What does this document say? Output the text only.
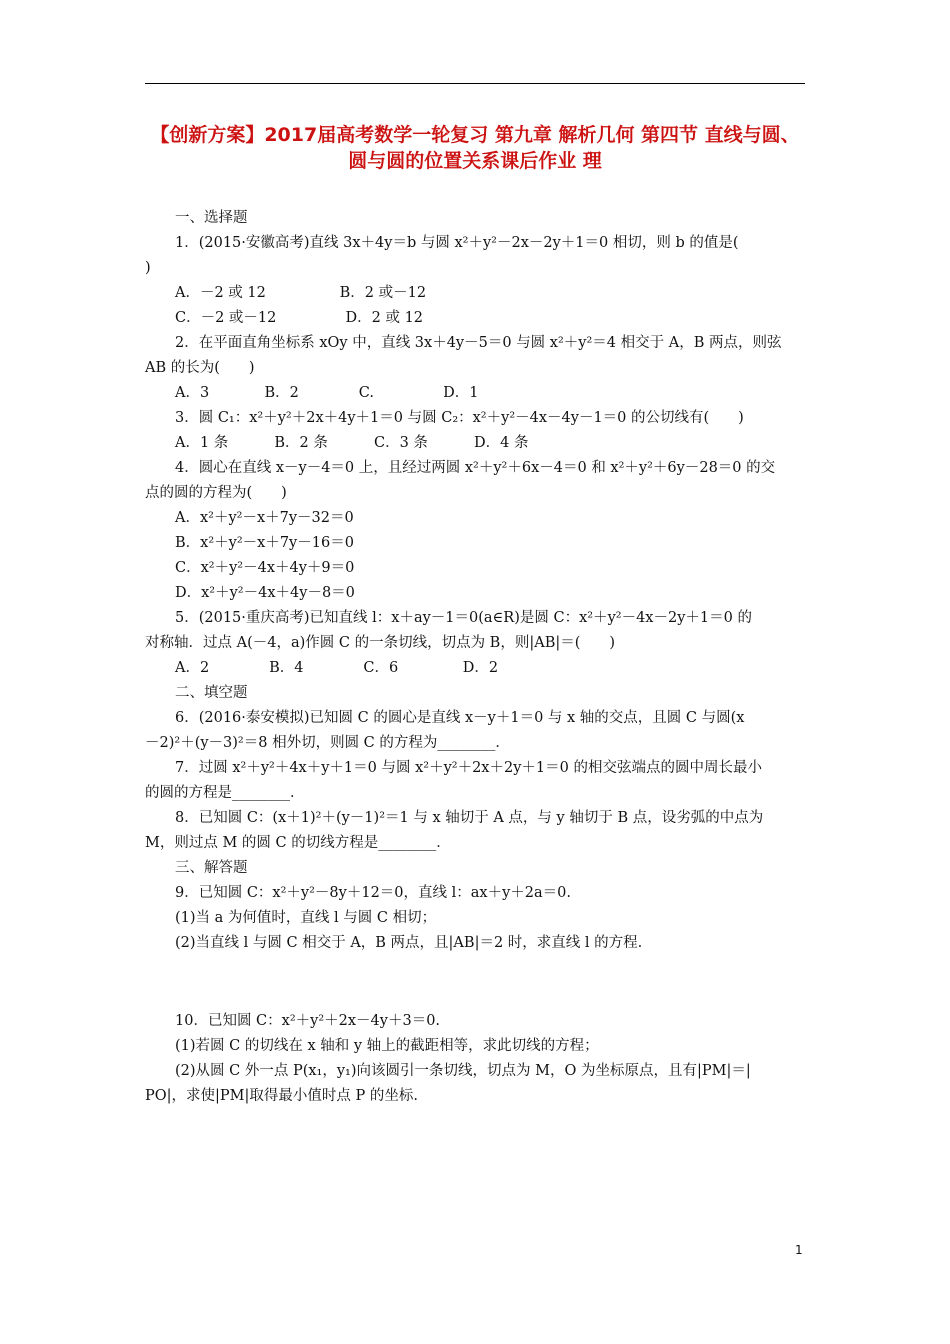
【创新方案】2017届高考数学一轮复习 第九章 解析几何 第四节 直线与圆、圆与圆的位置关系课后作业 理
一、选择题
1．(2015·安徽高考)直线 3x＋4y＝b 与圆 x²＋y²－2x－2y＋1＝0 相切，则 b 的值是(
)
A．－2 或 12                B．2 或－12
C．－2 或－12               D．2 或 12
2．在平面直角坐标系 xOy 中，直线 3x＋4y－5＝0 与圆 x²＋y²＝4 相交于 A，B 两点，则弦
AB 的长为(　　)
A．3            B．2             C.               D．1
3．圆 C₁：x²＋y²＋2x＋4y＋1＝0 与圆 C₂：x²＋y²－4x－4y－1＝0 的公切线有(　　)
A．1 条          B．2 条          C．3 条          D．4 条
4．圆心在直线 x－y－4＝0 上，且经过两圆 x²＋y²＋6x－4＝0 和 x²＋y²＋6y－28＝0 的交
点的圆的方程为(　　)
A．x²＋y²－x＋7y－32＝0
B．x²＋y²－x＋7y－16＝0
C．x²＋y²－4x＋4y＋9＝0
D．x²＋y²－4x＋4y－8＝0
5．(2015·重庆高考)已知直线 l：x＋ay－1＝0(a∈R)是圆 C：x²＋y²－4x－2y＋1＝0 的
对称轴．过点 A(－4，a)作圆 C 的一条切线，切点为 B，则|AB|＝(　　)
A．2             B．4             C．6              D．2
二、填空题
6．(2016·泰安模拟)已知圆 C 的圆心是直线 x－y＋1＝0 与 x 轴的交点，且圆 C 与圆(x
－2)²＋(y－3)²＝8 相外切，则圆 C 的方程为________．
7．过圆 x²＋y²＋4x＋y＋1＝0 与圆 x²＋y²＋2x＋2y＋1＝0 的相交弦端点的圆中周长最小
的圆的方程是________．
8．已知圆 C：(x＋1)²＋(y－1)²＝1 与 x 轴切于 A 点，与 y 轴切于 B 点，设劣弧的中点为
M，则过点 M 的圆 C 的切线方程是________．
三、解答题
9．已知圆 C：x²＋y²－8y＋12＝0，直线 l：ax＋y＋2a＝0.
(1)当 a 为何值时，直线 l 与圆 C 相切；
(2)当直线 l 与圆 C 相交于 A，B 两点，且|AB|＝2 时，求直线 l 的方程.
10．已知圆 C：x²＋y²＋2x－4y＋3＝0.
(1)若圆 C 的切线在 x 轴和 y 轴上的截距相等，求此切线的方程；
(2)从圆 C 外一点 P(x₁，y₁)向该圆引一条切线，切点为 M，O 为坐标原点，且有|PM|＝|
PO|，求使|PM|取得最小值时点 P 的坐标.
1
